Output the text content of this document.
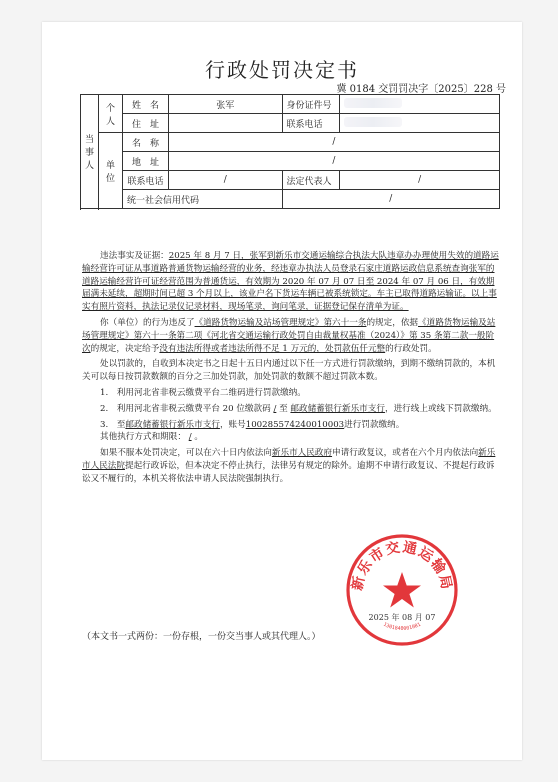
行政处罚决定书
冀 0184 交罚罚决字〔2025〕228 号
当事人	个人	姓　名	张军	身份证件号	
		住　址		联系电话	

	单位	名　称	/		
		地　址	/		
		联系电话	/	法定代表人	/
		统一社会信用代码		/	

违法事实及证据：2025 年 8 月 7 日，张军到新乐市交通运输综合执法大队违章办办理使用失效的道路运输经营许可证从事道路普通货物运输经营的业务，经违章办执法人员登录石家庄道路运政信息系统查询张军的道路运输经营许可证经营范围为普通货运，有效期为 2020 年 07 月 07 日至 2024 年 07 月 06 日，有效期届满未延续，超期时间已超 3 个月以上，该业户名下货运车辆已被系统锁定。车主已取得道路运输证。以上事实有照片资料，执法记录仪记录材料，现场笔录，询问笔录，证据登记保存清单为证。

你（单位）的行为违反了《道路货物运输及站场管理规定》第六十一条的规定，依据《道路货物运输及站场管理规定》第六十一条第二项《河北省交通运输行政处罚自由裁量权基准（2024）》第 35 条第二款一般阶次的规定，决定给予没有违法所得或者违法所得不足 1 万元的，处罚款伍仟元整的行政处罚。

处以罚款的，自收到本决定书之日起十五日内通过以下任一方式进行罚款缴纳，到期不缴纳罚款的，本机关可以每日按罚款数额的百分之三加处罚款，加处罚款的数额不超过罚款本数。

1.　利用河北省非税云缴费平台二维码进行罚款缴纳。

2.　利用河北省非税云缴费平台 20 位缴款码 / 至 邮政储蓄银行新乐市支行，进行线上或线下罚款缴纳。

3.　至邮政储蓄银行新乐市支行，账号100285574240010003进行罚款缴纳。

其他执行方式和期限： / 。

如果不服本处罚决定，可以在六十日内依法向新乐市人民政府申请行政复议，或者在六个月内依法向新乐市人民法院提起行政诉讼，但本决定不停止执行，法律另有规定的除外。逾期不申请行政复议、不提起行政诉讼又不履行的，本机关将依法申请人民法院强制执行。

新乐市交通运输局
1301840001081
2025 年 08 月 07
（本文书一式两份：一份存根，一份交当事人或其代理人。）
